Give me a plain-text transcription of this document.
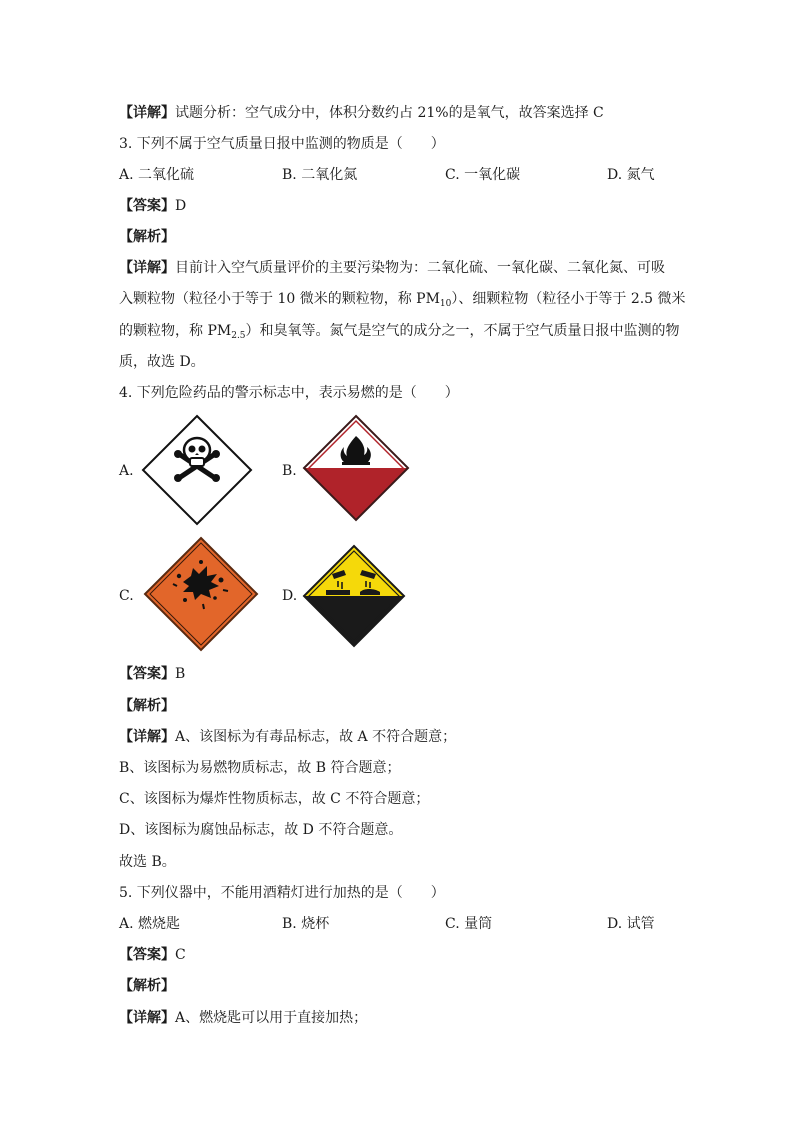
【详解】试题分析：空气成分中，体积分数约占 21%的是氧气，故答案选择 C
3. 下列不属于空气质量日报中监测的物质是（　　）
A. 二氧化硫	B. 二氧化氮	C. 一氧化碳	D. 氮气
【答案】D
【解析】
【详解】目前计入空气质量评价的主要污染物为：二氧化硫、一氧化碳、二氧化氮、可吸
入颗粒物（粒径小于等于 10 微米的颗粒物，称 $PM_{10}$）、细颗粒物（粒径小于等于 2.5 微米
的颗粒物，称 $PM_{2.5}$）和臭氧等。氮气是空气的成分之一，不属于空气质量日报中监测的物
质，故选 D。
4. 下列危险药品的警示标志中，表示易燃的是（　　）
A.	B.
C.	D.
【答案】B
【解析】
【详解】A、该图标为有毒品标志，故 A 不符合题意；
B、该图标为易燃物质标志，故 B 符合题意；
C、该图标为爆炸性物质标志，故 C 不符合题意；
D、该图标为腐蚀品标志，故 D 不符合题意。
故选 B。
5. 下列仪器中，不能用酒精灯进行加热的是（　　）
A. 燃烧匙	B. 烧杯	C. 量筒	D. 试管
【答案】C
【解析】
【详解】A、燃烧匙可以用于直接加热；
